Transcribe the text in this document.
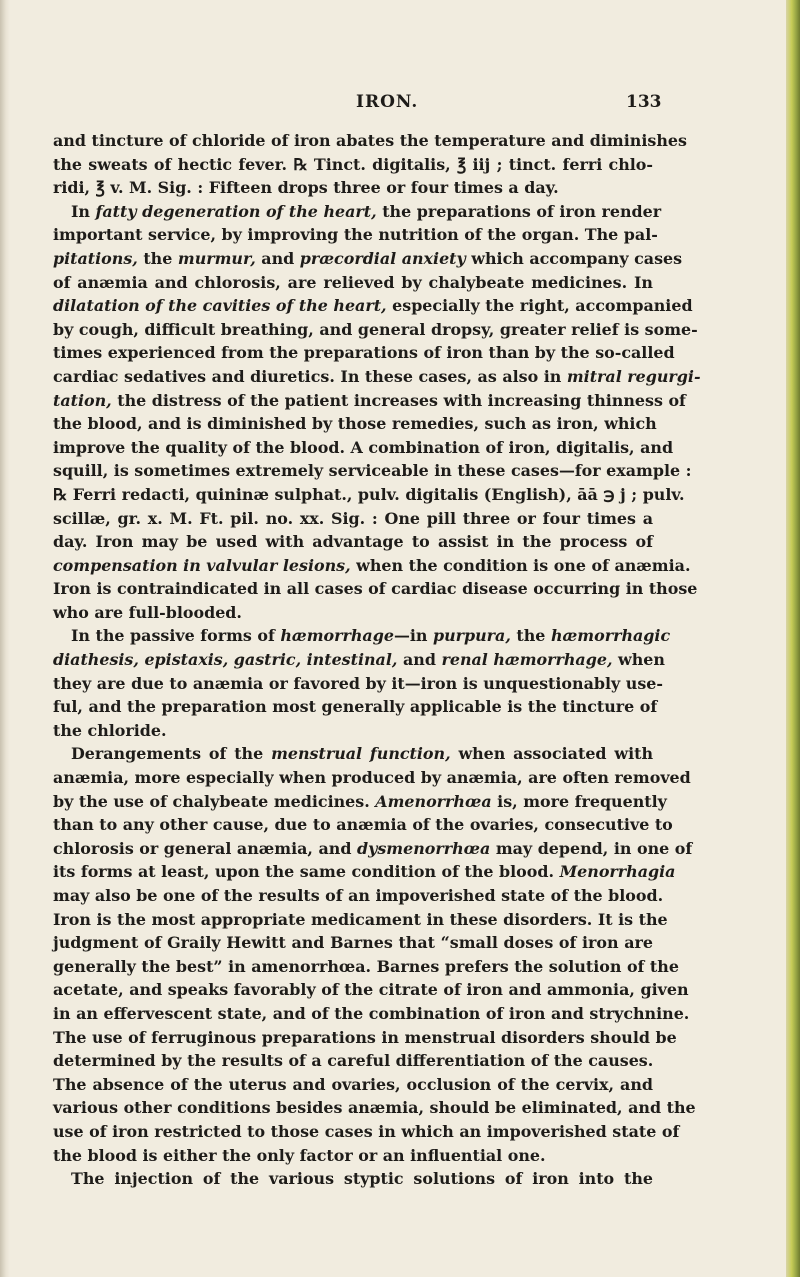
IRON.	133
and tincture of chloride of iron abates the temperature and diminishes
the sweats of hectic fever. ℞ Tinct. digitalis, ℥ iij ; tinct. ferri chlo-
ridi, ℥ v. M. Sig. : Fifteen drops three or four times a day.
In fatty degeneration of the heart, the preparations of iron render
important service, by improving the nutrition of the organ. The pal-
pitations, the murmur, and præcordial anxiety which accompany cases
of anæmia and chlorosis, are relieved by chalybeate medicines. In
dilatation of the cavities of the heart, especially the right, accompanied
by cough, difficult breathing, and general dropsy, greater relief is some-
times experienced from the preparations of iron than by the so-called
cardiac sedatives and diuretics. In these cases, as also in mitral regurgi-
tation, the distress of the patient increases with increasing thinness of
the blood, and is diminished by those remedies, such as iron, which
improve the quality of the blood. A combination of iron, digitalis, and
squill, is sometimes extremely serviceable in these cases—for example :
℞ Ferri redacti, quininæ sulphat., pulv. digitalis (English), āā ℈ j ; pulv.
scillæ, gr. x. M. Ft. pil. no. xx. Sig. : One pill three or four times a
day. Iron may be used with advantage to assist in the process of
compensation in valvular lesions, when the condition is one of anæmia.
Iron is contraindicated in all cases of cardiac disease occurring in those
who are full-blooded.
In the passive forms of hæmorrhage—in purpura, the hæmorrhagic
diathesis, epistaxis, gastric, intestinal, and renal hæmorrhage, when
they are due to anæmia or favored by it—iron is unquestionably use-
ful, and the preparation most generally applicable is the tincture of
the chloride.
Derangements of the menstrual function, when associated with
anæmia, more especially when produced by anæmia, are often removed
by the use of chalybeate medicines. Amenorrhœa is, more frequently
than to any other cause, due to anæmia of the ovaries, consecutive to
chlorosis or general anæmia, and dysmenorrhœa may depend, in one of
its forms at least, upon the same condition of the blood. Menorrhagia
may also be one of the results of an impoverished state of the blood.
Iron is the most appropriate medicament in these disorders. It is the
judgment of Graily Hewitt and Barnes that “small doses of iron are
generally the best” in amenorrhœa. Barnes prefers the solution of the
acetate, and speaks favorably of the citrate of iron and ammonia, given
in an effervescent state, and of the combination of iron and strychnine.
The use of ferruginous preparations in menstrual disorders should be
determined by the results of a careful differentiation of the causes.
The absence of the uterus and ovaries, occlusion of the cervix, and
various other conditions besides anæmia, should be eliminated, and the
use of iron restricted to those cases in which an impoverished state of
the blood is either the only factor or an influential one.
The injection of the various styptic solutions of iron into the
